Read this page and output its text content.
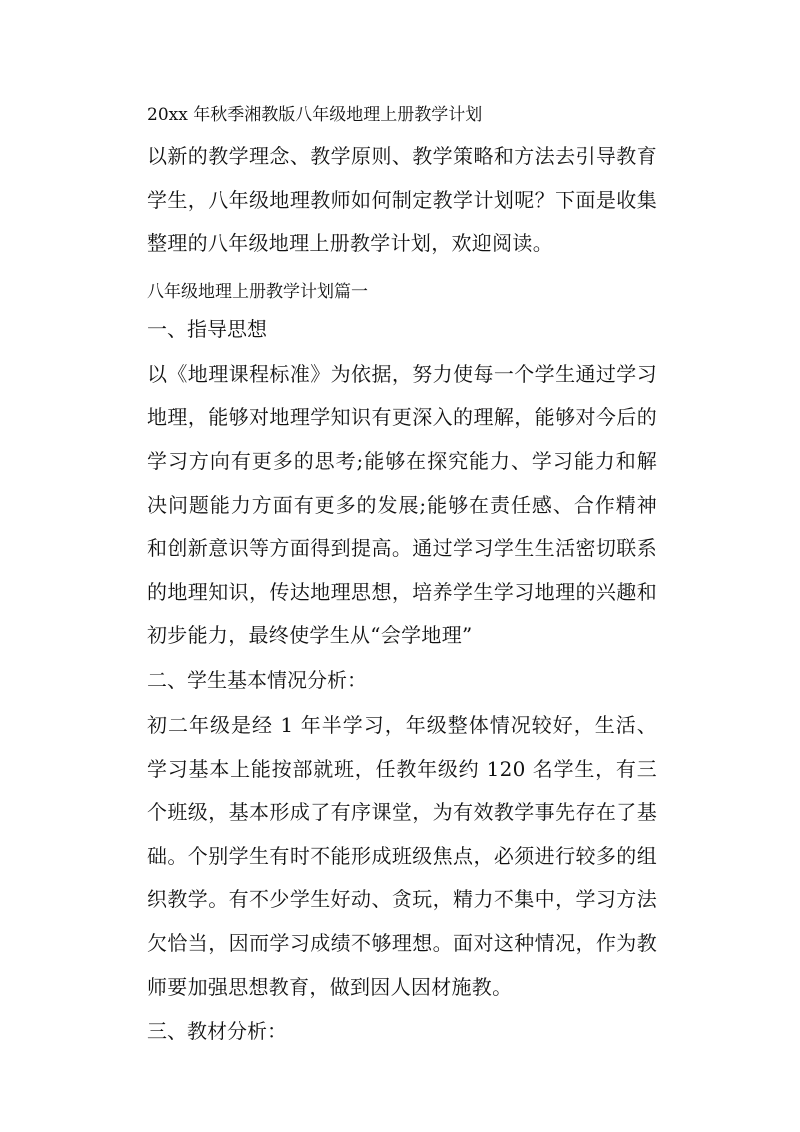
20xx 年秋季湘教版八年级地理上册教学计划

以新的教学理念、教学原则、教学策略和方法去引导教育学生，八年级地理教师如何制定教学计划呢？下面是收集整理的八年级地理上册教学计划，欢迎阅读。

八年级地理上册教学计划篇一
一、指导思想

以《地理课程标准》为依据，努力使每一个学生通过学习地理，能够对地理学知识有更深入的理解，能够对今后的学习方向有更多的思考;能够在探究能力、学习能力和解决问题能力方面有更多的发展;能够在责任感、合作精神和创新意识等方面得到提高。通过学习学生生活密切联系的地理知识，传达地理思想，培养学生学习地理的兴趣和初步能力，最终使学生从“会学地理”

二、学生基本情况分析：

初二年级是经 1 年半学习，年级整体情况较好，生活、学习基本上能按部就班，任教年级约 120 名学生，有三个班级，基本形成了有序课堂，为有效教学事先存在了基础。个别学生有时不能形成班级焦点，必须进行较多的组织教学。有不少学生好动、贪玩，精力不集中，学习方法欠恰当，因而学习成绩不够理想。面对这种情况，作为教师要加强思想教育，做到因人因材施教。

三、教材分析：
